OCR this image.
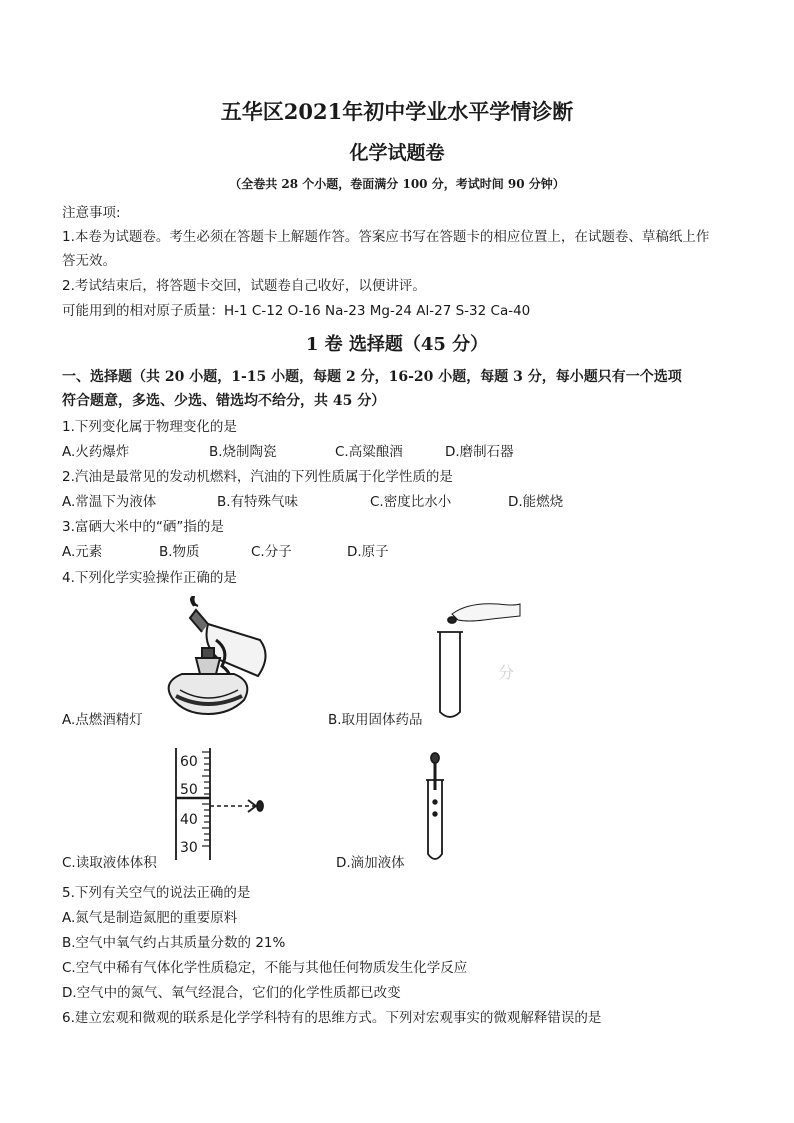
五华区2021年初中学业水平学情诊断
化学试题卷
（全卷共 28 个小题，卷面满分 100 分，考试时间 90 分钟）
注意事项:
1.本卷为试题卷。考生必须在答题卡上解题作答。答案应书写在答题卡的相应位置上，在试题卷、草稿纸上作
答无效。
2.考试结束后，将答题卡交回，试题卷自己收好，以便讲评。
可能用到的相对原子质量：H-1 C-12 O-16 Na-23 Mg-24 Al-27 S-32 Ca-40
1 卷 选择题（45 分）
一、选择题（共 20 小题，1-15 小题，每题 2 分，16-20 小题，每题 3 分，每小题只有一个选项
符合题意，多选、少选、错选均不给分，共 45 分）
1.下列变化属于物理变化的是
A.火药爆炸	B.烧制陶瓷	C.高粱酿酒	D.磨制石器
2.汽油是最常见的发动机燃料，汽油的下列性质属于化学性质的是
A.常温下为液体	B.有特殊气味	C.密度比水小	D.能燃烧
3.富硒大米中的“硒”指的是
A.元素	B.物质	C.分子	D.原子
4.下列化学实验操作正确的是
A.点燃酒精灯
分
B.取用固体药品
60
50
40
30
C.读取液体体积	D.滴加液体
5.下列有关空气的说法正确的是
A.氮气是制造氮肥的重要原料
B.空气中氧气约占其质量分数的 21%
C.空气中稀有气体化学性质稳定，不能与其他任何物质发生化学反应
D.空气中的氮气、氧气经混合，它们的化学性质都已改变
6.建立宏观和微观的联系是化学学科特有的思维方式。下列对宏观事实的微观解释错误的是
